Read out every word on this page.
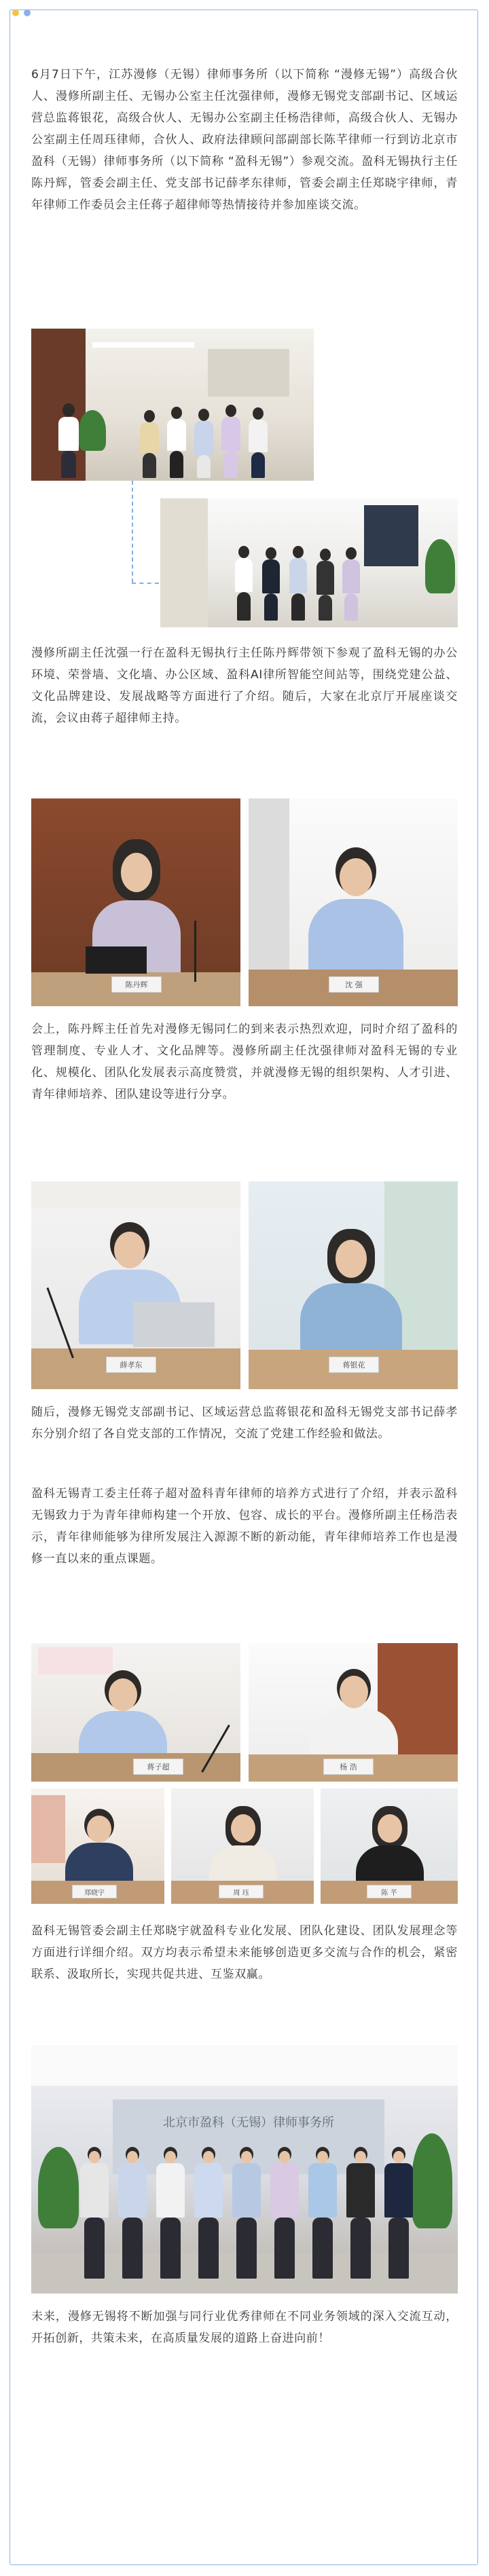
6月7日下午，江苏漫修（无锡）律师事务所（以下简称 “漫修无锡”）高级合伙人、漫修所副主任、无锡办公室主任沈强律师，漫修无锡党支部副书记、区域运营总监蒋银花，高级合伙人、无锡办公室副主任杨浩律师，高级合伙人、无锡办公室副主任周珏律师，合伙人、政府法律顾问部副部长陈芊律师一行到访北京市盈科（无锡）律师事务所（以下简称 “盈科无锡”）参观交流。盈科无锡执行主任陈丹辉，管委会副主任、党支部书记薛孝东律师，管委会副主任郑晓宇律师，青年律师工作委员会主任蒋子超律师等热情接待并参加座谈交流。

漫修所副主任沈强一行在盈科无锡执行主任陈丹辉带领下参观了盈科无锡的办公环境、荣誉墙、文化墙、办公区域、盈科AI律所智能空间站等，围绕党建公益、文化品牌建设、发展战略等方面进行了介绍。随后，大家在北京厅开展座谈交流，会议由蒋子超律师主持。

陈丹辉	沈 强

会上，陈丹辉主任首先对漫修无锡同仁的到来表示热烈欢迎，同时介绍了盈科的管理制度、专业人才、文化品牌等。漫修所副主任沈强律师对盈科无锡的专业化、规模化、团队化发展表示高度赞赏，并就漫修无锡的组织架构、人才引进、青年律师培养、团队建设等进行分享。

薛孝东	蒋银花

随后，漫修无锡党支部副书记、区域运营总监蒋银花和盈科无锡党支部书记薛孝东分别介绍了各自党支部的工作情况，交流了党建工作经验和做法。

盈科无锡青工委主任蒋子超对盈科青年律师的培养方式进行了介绍，并表示盈科无锡致力于为青年律师构建一个开放、包容、成长的平台。漫修所副主任杨浩表示，青年律师能够为律所发展注入源源不断的新动能，青年律师培养工作也是漫修一直以来的重点课题。

蒋子超	杨 浩
郑晓宇	周 珏	陈 芊

盈科无锡管委会副主任郑晓宇就盈科专业化发展、团队化建设、团队发展理念等方面进行详细介绍。双方均表示希望未来能够创造更多交流与合作的机会，紧密联系、汲取所长，实现共促共进、互鉴双赢。

北京市盈科（无锡）律师事务所

未来，漫修无锡将不断加强与同行业优秀律师在不同业务领域的深入交流互动，开拓创新，共策未来，在高质量发展的道路上奋进向前！
